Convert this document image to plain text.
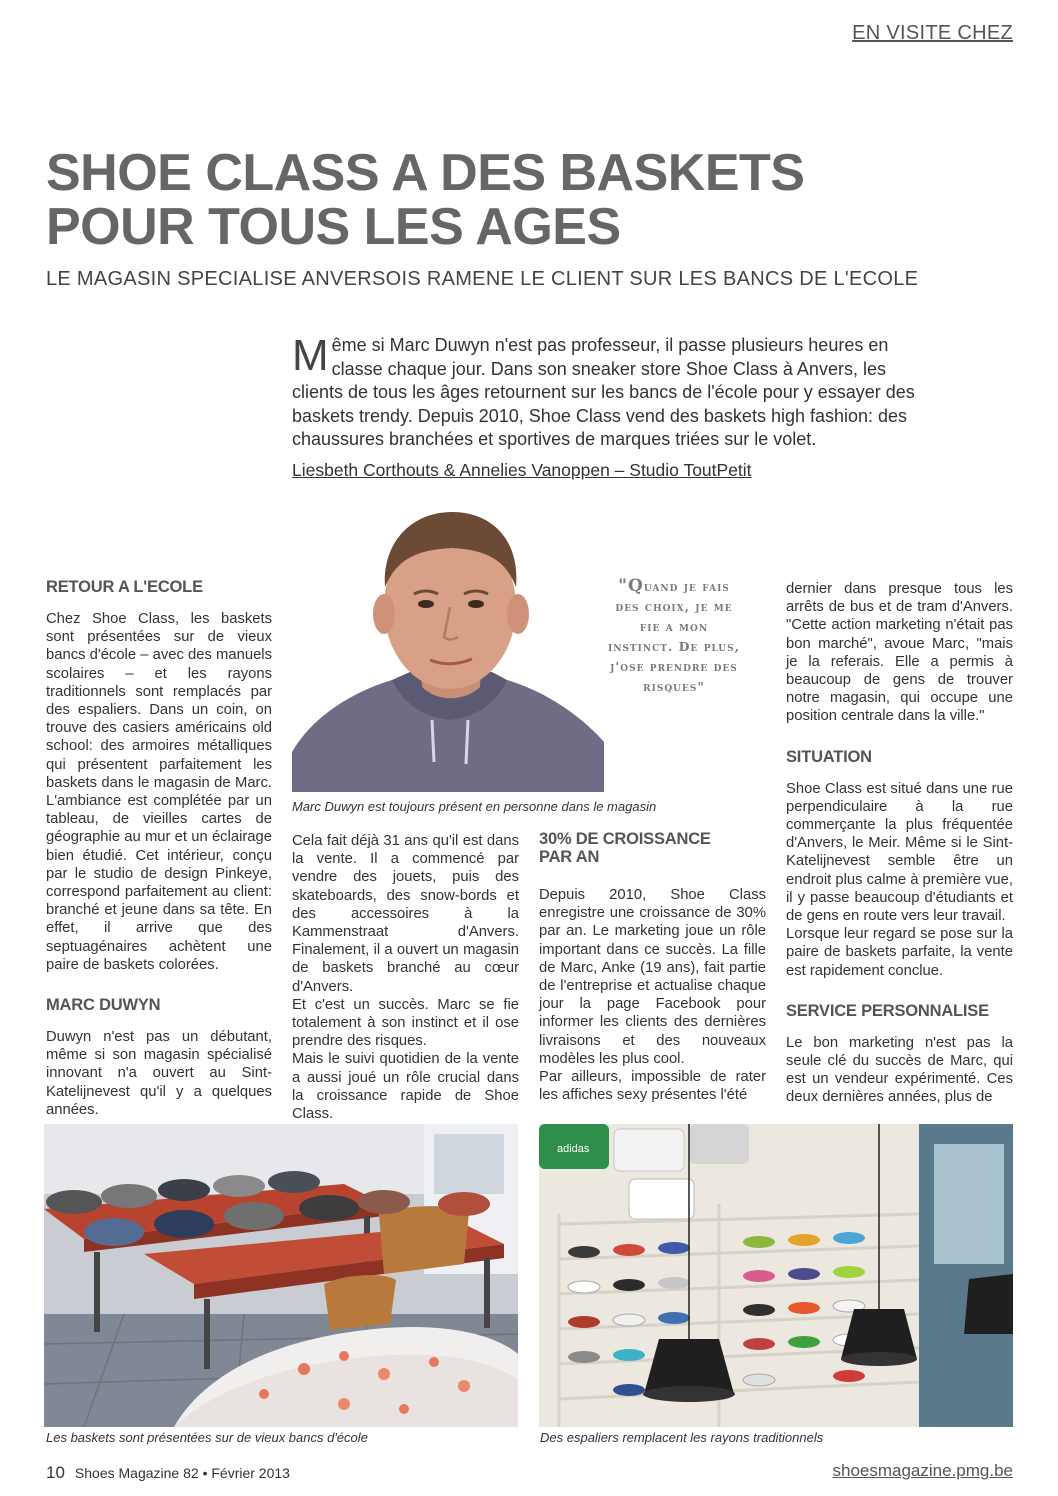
EN VISITE CHEZ
SHOE CLASS A DES BASKETS
POUR TOUS LES AGES
LE MAGASIN SPECIALISE ANVERSOIS RAMENE LE CLIENT SUR LES BANCS DE L'ECOLE
Même si Marc Duwyn n'est pas professeur, il passe plusieurs heures en classe chaque jour. Dans son sneaker store Shoe Class à Anvers, les clients de tous les âges retournent sur les bancs de l'école pour y essayer des baskets trendy. Depuis 2010, Shoe Class vend des baskets high fashion: des chaussures branchées et sportives de marques triées sur le volet.
Liesbeth Corthouts & Annelies Vanoppen – Studio ToutPetit
Marc Duwyn est toujours présent en personne dans le magasin
"Quand je fais des choix, je me fie a mon instinct. De plus, j'ose prendre des risques"
RETOUR A L'ECOLE

Chez Shoe Class, les baskets sont présentées sur de vieux bancs d'école – avec des manuels scolaires – et les rayons traditionnels sont remplacés par des espaliers. Dans un coin, on trouve des casiers américains old school: des armoires métalliques qui présentent parfaitement les baskets dans le magasin de Marc. L'ambiance est complétée par un tableau, de vieilles cartes de géographie au mur et un éclairage bien étudié. Cet intérieur, conçu par le studio de design Pinkeye, correspond parfaitement au client: branché et jeune dans sa tête. En effet, il arrive que des septuagénaires achètent une paire de baskets colorées.

MARC DUWYN

Duwyn n'est pas un débutant, même si son magasin spécialisé innovant n'a ouvert au Sint-Katelijnevest qu'il y a quelques années.

Cela fait déjà 31 ans qu'il est dans la vente. Il a commencé par vendre des jouets, puis des skateboards, des snow-bords et des accessoires à la Kammenstraat d'Anvers. Finalement, il a ouvert un magasin de baskets branché au cœur d'Anvers.

Et c'est un succès. Marc se fie totalement à son instinct et il ose prendre des risques.

Mais le suivi quotidien de la vente a aussi joué un rôle crucial dans la croissance rapide de Shoe Class.

30% DE CROISSANCE PAR AN

Depuis 2010, Shoe Class enregistre une croissance de 30% par an. Le marketing joue un rôle important dans ce succès. La fille de Marc, Anke (19 ans), fait partie de l'entreprise et actualise chaque jour la page Facebook pour informer les clients des dernières livraisons et des nouveaux modèles les plus cool.

Par ailleurs, impossible de rater les affiches sexy présentes l'été

dernier dans presque tous les arrêts de bus et de tram d'Anvers. "Cette action marketing n'était pas bon marché", avoue Marc, "mais je la referais. Elle a permis à beaucoup de gens de trouver notre magasin, qui occupe une position centrale dans la ville."

SITUATION

Shoe Class est situé dans une rue perpendiculaire à la rue commerçante la plus fréquentée d'Anvers, le Meir. Même si le Sint-Katelijnevest semble être un endroit plus calme à première vue, il y passe beaucoup d'étudiants et de gens en route vers leur travail.

Lorsque leur regard se pose sur la paire de baskets parfaite, la vente est rapidement conclue.

SERVICE PERSONNALISE

Le bon marketing n'est pas la seule clé du succès de Marc, qui est un vendeur expérimenté. Ces deux dernières années, plus de

Les baskets sont présentées sur de vieux bancs d'école
adidas
Des espaliers remplacent les rayons traditionnels
10 Shoes Magazine 82 • Février 2013	shoesmagazine.pmg.be
